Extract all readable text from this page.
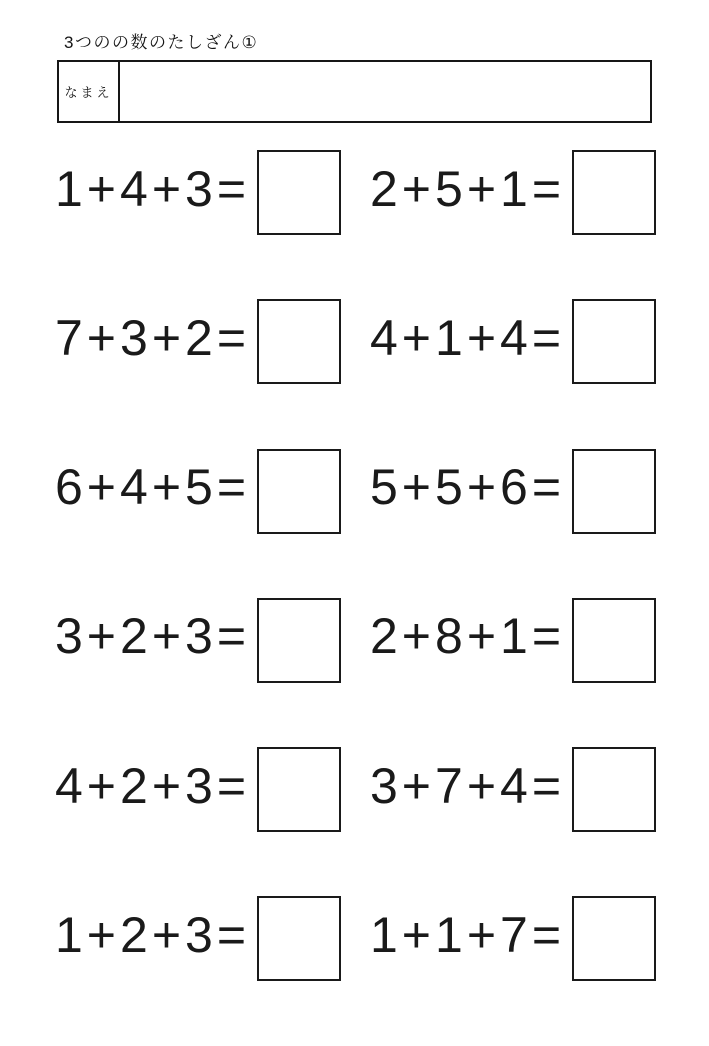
3つのの数のたしざん①
なまえ
1+4+3= 2+5+1=
7+3+2= 4+1+4=
6+4+5= 5+5+6=
3+2+3= 2+8+1=
4+2+3= 3+7+4=
1+2+3= 1+1+7=
